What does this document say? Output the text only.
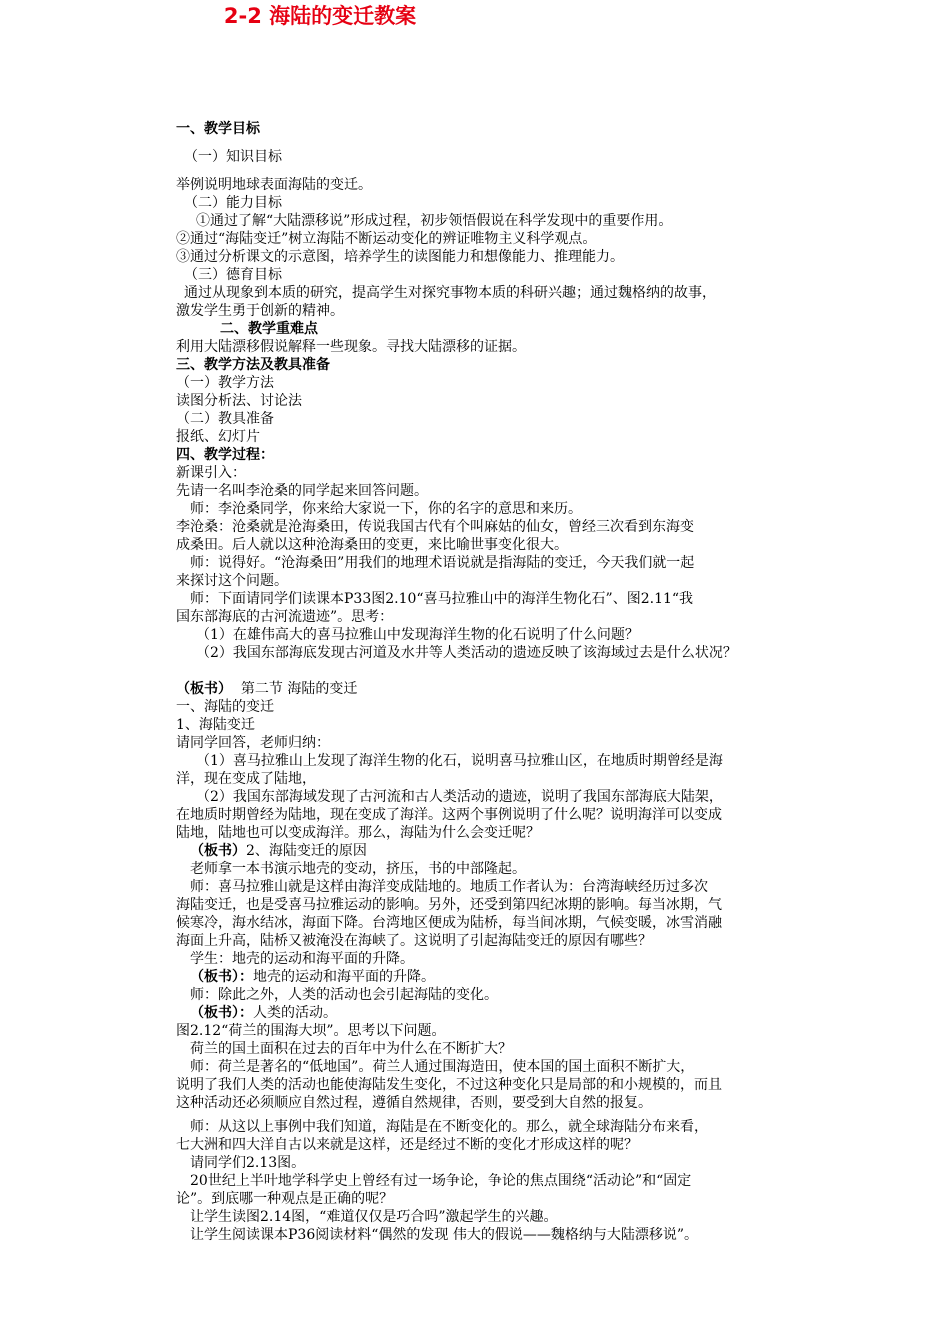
2-2 海陆的变迁教案

一、教学目标

（一）知识目标

举例说明地球表面海陆的变迁。

（二）能力目标

①通过了解“大陆漂移说”形成过程，初步领悟假说在科学发现中的重要作用。

②通过“海陆变迁”树立海陆不断运动变化的辨证唯物主义科学观点。

③通过分析课文的示意图，培养学生的读图能力和想像能力、推理能力。

（三）德育目标

通过从现象到本质的研究，提高学生对探究事物本质的科研兴趣；通过魏格纳的故事，

激发学生勇于创新的精神。

二、教学重难点

利用大陆漂移假说解释一些现象。寻找大陆漂移的证据。

三、教学方法及教具准备

（一）教学方法

读图分析法、讨论法

（二）教具准备

报纸、幻灯片

四、教学过程：

新课引入：

先请一名叫李沧桑的同学起来回答问题。

师：李沧桑同学，你来给大家说一下，你的名字的意思和来历。

李沧桑：沧桑就是沧海桑田，传说我国古代有个叫麻姑的仙女，曾经三次看到东海变

成桑田。后人就以这种沧海桑田的变更，来比喻世事变化很大。

师：说得好。“沧海桑田”用我们的地理术语说就是指海陆的变迁，今天我们就一起

来探讨这个问题。

师：下面请同学们读课本P33图2.10“喜马拉雅山中的海洋生物化石”、图2.11“我

国东部海底的古河流遗迹”。思考：

（1）在雄伟高大的喜马拉雅山中发现海洋生物的化石说明了什么问题？

（2）我国东部海底发现古河道及水井等人类活动的遗迹反映了该海域过去是什么状况？

（板书） 第二节 海陆的变迁

一、海陆的变迁

1、海陆变迁

请同学回答，老师归纳：

（1）喜马拉雅山上发现了海洋生物的化石，说明喜马拉雅山区，在地质时期曾经是海

洋，现在变成了陆地，

（2）我国东部海域发现了古河流和古人类活动的遗迹，说明了我国东部海底大陆架，

在地质时期曾经为陆地，现在变成了海洋。这两个事例说明了什么呢？说明海洋可以变成

陆地，陆地也可以变成海洋。那么，海陆为什么会变迁呢？

（板书）2、海陆变迁的原因

老师拿一本书演示地壳的变动，挤压，书的中部隆起。

师：喜马拉雅山就是这样由海洋变成陆地的。地质工作者认为：台湾海峡经历过多次

海陆变迁，也是受喜马拉雅运动的影响。另外，还受到第四纪冰期的影响。每当冰期，气

候寒冷，海水结冰，海面下降。台湾地区便成为陆桥，每当间冰期，气候变暖，冰雪消融

海面上升高，陆桥又被淹没在海峡了。这说明了引起海陆变迁的原因有哪些？

学生：地壳的运动和海平面的升降。

（板书）：地壳的运动和海平面的升降。

师：除此之外，人类的活动也会引起海陆的变化。

（板书）：人类的活动。

图2.12“荷兰的围海大坝”。思考以下问题。

荷兰的国土面积在过去的百年中为什么在不断扩大？

师：荷兰是著名的“低地国”。荷兰人通过围海造田，使本国的国土面积不断扩大，

说明了我们人类的活动也能使海陆发生变化，不过这种变化只是局部的和小规模的，而且

这种活动还必须顺应自然过程，遵循自然规律，否则，要受到大自然的报复。

师：从这以上事例中我们知道，海陆是在不断变化的。那么，就全球海陆分布来看，

七大洲和四大洋自古以来就是这样，还是经过不断的变化才形成这样的呢？

请同学们2.13图。

20世纪上半叶地学科学史上曾经有过一场争论，争论的焦点围绕“活动论”和“固定

论”。到底哪一种观点是正确的呢？

让学生读图2.14图，“难道仅仅是巧合吗”激起学生的兴趣。

让学生阅读课本P36阅读材料“偶然的发现 伟大的假说——魏格纳与大陆漂移说”。
